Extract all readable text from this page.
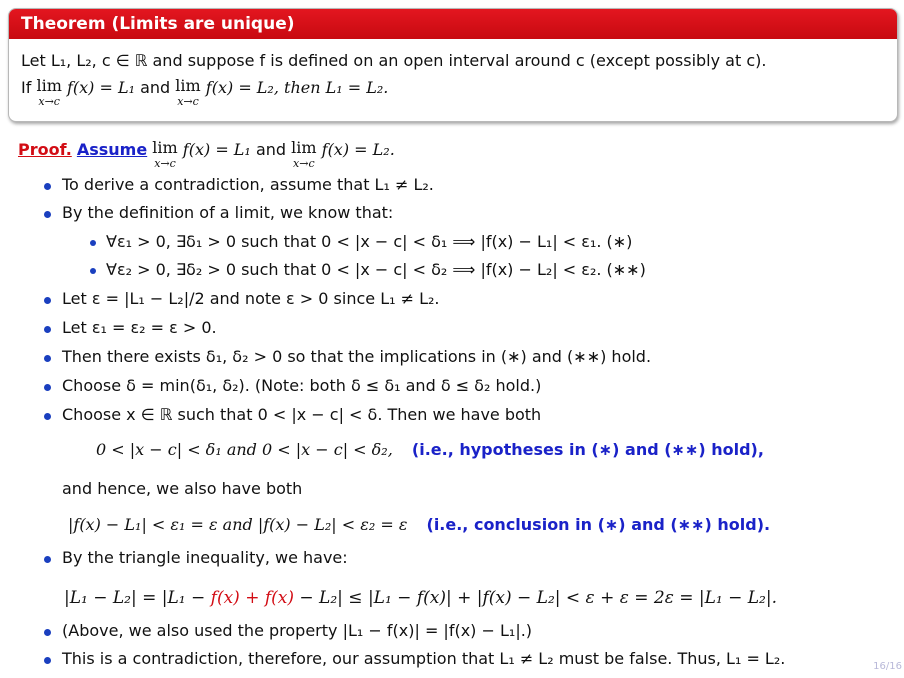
Theorem (Limits are unique)
Let L₁, L₂, c ∈ ℝ and suppose f is defined on an open interval around c (except possibly at c).
If lim
x→c
f(x) = L₁ and lim
x→c
f(x) = L₂, then L₁ = L₂.
Proof. Assume lim
x→c
f(x) = L₁ and lim
x→c
f(x) = L₂.
To derive a contradiction, assume that L₁ ≠ L₂.
By the definition of a limit, we know that:
∀ε₁ > 0, ∃δ₁ > 0 such that 0 < |x − c| < δ₁ ⟹ |f(x) − L₁| < ε₁. (∗)
∀ε₂ > 0, ∃δ₂ > 0 such that 0 < |x − c| < δ₂ ⟹ |f(x) − L₂| < ε₂. (∗∗)
Let ε = |L₁ − L₂|/2 and note ε > 0 since L₁ ≠ L₂.
Let ε₁ = ε₂ = ε > 0.
Then there exists δ₁, δ₂ > 0 so that the implications in (∗) and (∗∗) hold.
Choose δ = min(δ₁, δ₂). (Note: both δ ≤ δ₁ and δ ≤ δ₂ hold.)
Choose x ∈ ℝ such that 0 < |x − c| < δ. Then we have both
0 < |x − c| < δ₁ and 0 < |x − c| < δ₂, (i.e., hypotheses in (∗) and (∗∗) hold),
and hence, we also have both
|f(x) − L₁| < ε₁ = ε and |f(x) − L₂| < ε₂ = ε (i.e., conclusion in (∗) and (∗∗) hold).
By the triangle inequality, we have:
|L₁ − L₂| = |L₁ − f(x) + f(x) − L₂| ≤ |L₁ − f(x)| + |f(x) − L₂| < ε + ε = 2ε = |L₁ − L₂|.
(Above, we also used the property |L₁ − f(x)| = |f(x) − L₁|.)
This is a contradiction, therefore, our assumption that L₁ ≠ L₂ must be false. Thus, L₁ = L₂.	16/16
